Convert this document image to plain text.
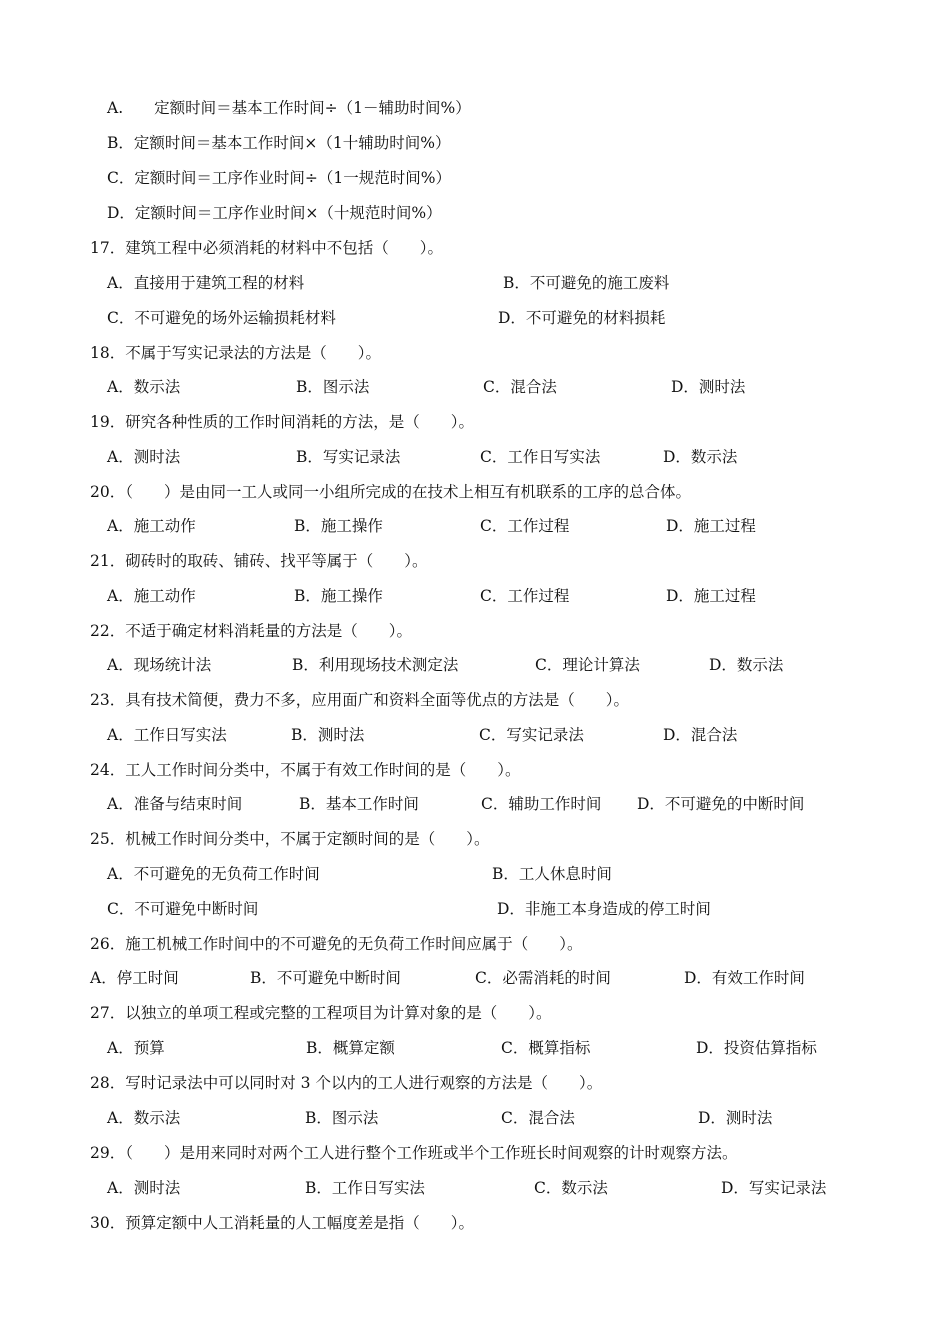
A.　　定额时间＝基本工作时间÷（1－辅助时间%）
B．定额时间＝基本工作时间×（1十辅助时间%）
C．定额时间＝工序作业时间÷（1一规范时间%）
D．定额时间＝工序作业时间×（十规范时间%）
17．建筑工程中必须消耗的材料中不包括（　　）。
A．直接用于建筑工程的材料	B．不可避免的施工废料
C．不可避免的场外运输损耗材料	D．不可避免的材料损耗
18．不属于写实记录法的方法是（　　）。
A．数示法	B．图示法	C．混合法	D．测时法
19．研究各种性质的工作时间消耗的方法，是（　　）。
A．测时法	B．写实记录法	C．工作日写实法	D．数示法
20．（　　）是由同一工人或同一小组所完成的在技术上相互有机联系的工序的总合体。
A．施工动作	B．施工操作	C．工作过程	D．施工过程
21．砌砖时的取砖、铺砖、找平等属于（　　）。
A．施工动作	B．施工操作	C．工作过程	D．施工过程
22．不适于确定材料消耗量的方法是（　　）。
A．现场统计法	B．利用现场技术测定法	C．理论计算法	D．数示法
23．具有技术简便，费力不多，应用面广和资料全面等优点的方法是（　　）。
A．工作日写实法	B．测时法	C．写实记录法	D．混合法
24．工人工作时间分类中，不属于有效工作时间的是（　　）。
A．准备与结束时间	B．基本工作时间	C．辅助工作时间 D．不可避免的中断时间
25．机械工作时间分类中，不属于定额时间的是（　　）。
A．不可避免的无负荷工作时间	B．工人休息时间
C．不可避免中断时间	D．非施工本身造成的停工时间
26．施工机械工作时间中的不可避免的无负荷工作时间应属于（　　）。
A．停工时间	B．不可避免中断时间	C．必需消耗的时间	D．有效工作时间
27．以独立的单项工程或完整的工程项目为计算对象的是（　　）。
A．预算	B．概算定额	C．概算指标	D．投资估算指标
28．写时记录法中可以同时对 3 个以内的工人进行观察的方法是（　　）。
A．数示法	B．图示法	C．混合法	D．测时法
29．（　　）是用来同时对两个工人进行整个工作班或半个工作班长时间观察的计时观察方法。
A．测时法	B．工作日写实法	C．数示法	D．写实记录法
30．预算定额中人工消耗量的人工幅度差是指（　　）。
